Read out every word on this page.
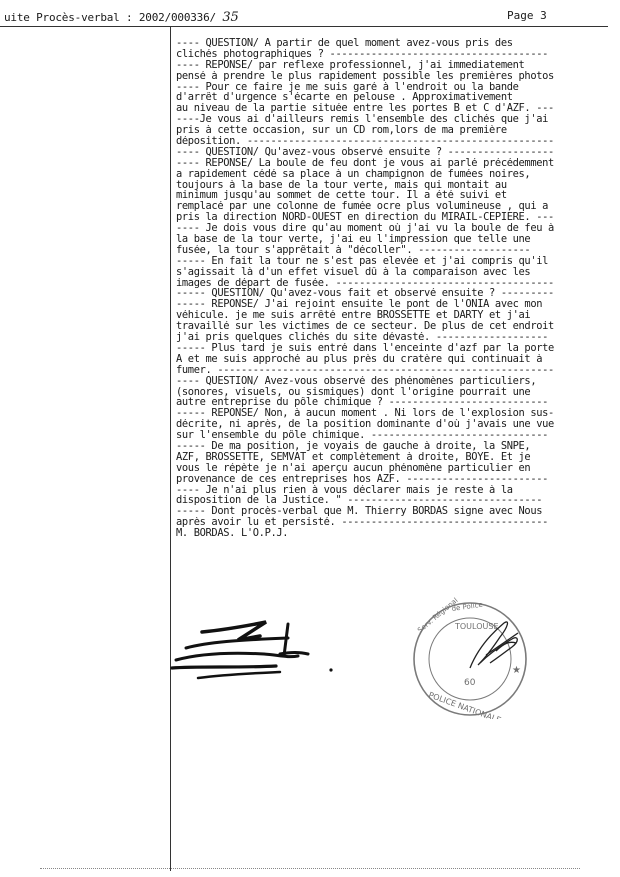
uite Procès-verbal : 2002/000336/ 35	Page 3
---- QUESTION/ A partir de quel moment avez-vous pris des
clichés photographiques ? -------------------------------------
---- REPONSE/ par reflexe professionnel, j'ai immediatement
pensé à prendre le plus rapidement possible les premières photos
---- Pour ce faire je me suis garé à l'endroit ou la bande
d'arrêt d'urgence s'écarte en pelouse . Approximativement
au niveau de la partie située entre les portes B et C d'AZF. ---
----Je vous ai d'ailleurs remis l'ensemble des clichés que j'ai
pris à cette occasion, sur un CD rom,lors de ma première
déposition. ----------------------------------------------------
---- QUESTION/ Qu'avez-vous observé ensuite ? ------------------
---- REPONSE/ La boule de feu dont je vous ai parlé précédemment
a rapidement cédé sa place à un champignon de fumées noires,
toujours à la base de la tour verte, mais qui montait au
minimum jusqu'au sommet de cette tour. Il a été suivi et
remplacé par une colonne de fumée ocre plus volumineuse , qui a
pris la direction NORD-OUEST en direction du MIRAIL-CEPIERE. ---
---- Je dois vous dire qu'au moment où j'ai vu la boule de feu à
la base de la tour verte, j'ai eu l'impression que telle une
fusée, la tour s'apprêtait à "décoller". -------------------
----- En fait la tour ne s'est pas elevée et j'ai compris qu'il
s'agissait là d'un effet visuel dû à la comparaison avec les
images de départ de fusée. -------------------------------------
----- QUESTION/ Qu'avez-vous fait et observé ensuite ? ---------
----- REPONSE/ J'ai rejoint ensuite le pont de l'ONIA avec mon
véhicule. je me suis arrêté entre BROSSETTE et DARTY et j'ai
travaillé sur les victimes de ce secteur. De plus de cet endroit
j'ai pris quelques clichés du site dévasté. -------------------
----- Plus tard je suis entré dans l'enceinte d'azf par la porte
A et me suis approché au plus près du cratère qui continuait à
fumer. ---------------------------------------------------------
---- QUESTION/ Avez-vous observé des phénomènes particuliers,
(sonores, visuels, ou sismiques) dont l'origine pourrait une
autre entreprise du pôle chimique ? ---------------------------
----- REPONSE/ Non, à aucun moment . Ni lors de l'explosion sus-
décrite, ni après, de la position dominante d'où j'avais une vue
sur l'ensemble du pôle chimique. ------------------------------
----- De ma position, je voyais de gauche à droite, la SNPE,
AZF, BROSSETTE, SEMVAT et complètement à droite, BOYE. Et je
vous le répète je n'ai aperçu aucun phénomène particulier en
provenance de ces entreprises hos AZF. ------------------------
---- Je n'ai plus rien à vous déclarer mais je reste à la
disposition de la Justice. " ---------------------------------
----- Dont procès-verbal que M. Thierry BORDAS signe avec Nous
après avoir lu et persisté. -----------------------------------
M. BORDAS. L'O.P.J.
Serv. Régional
de Police
TOULOUSE
POLICE NATIONALE
60
★
